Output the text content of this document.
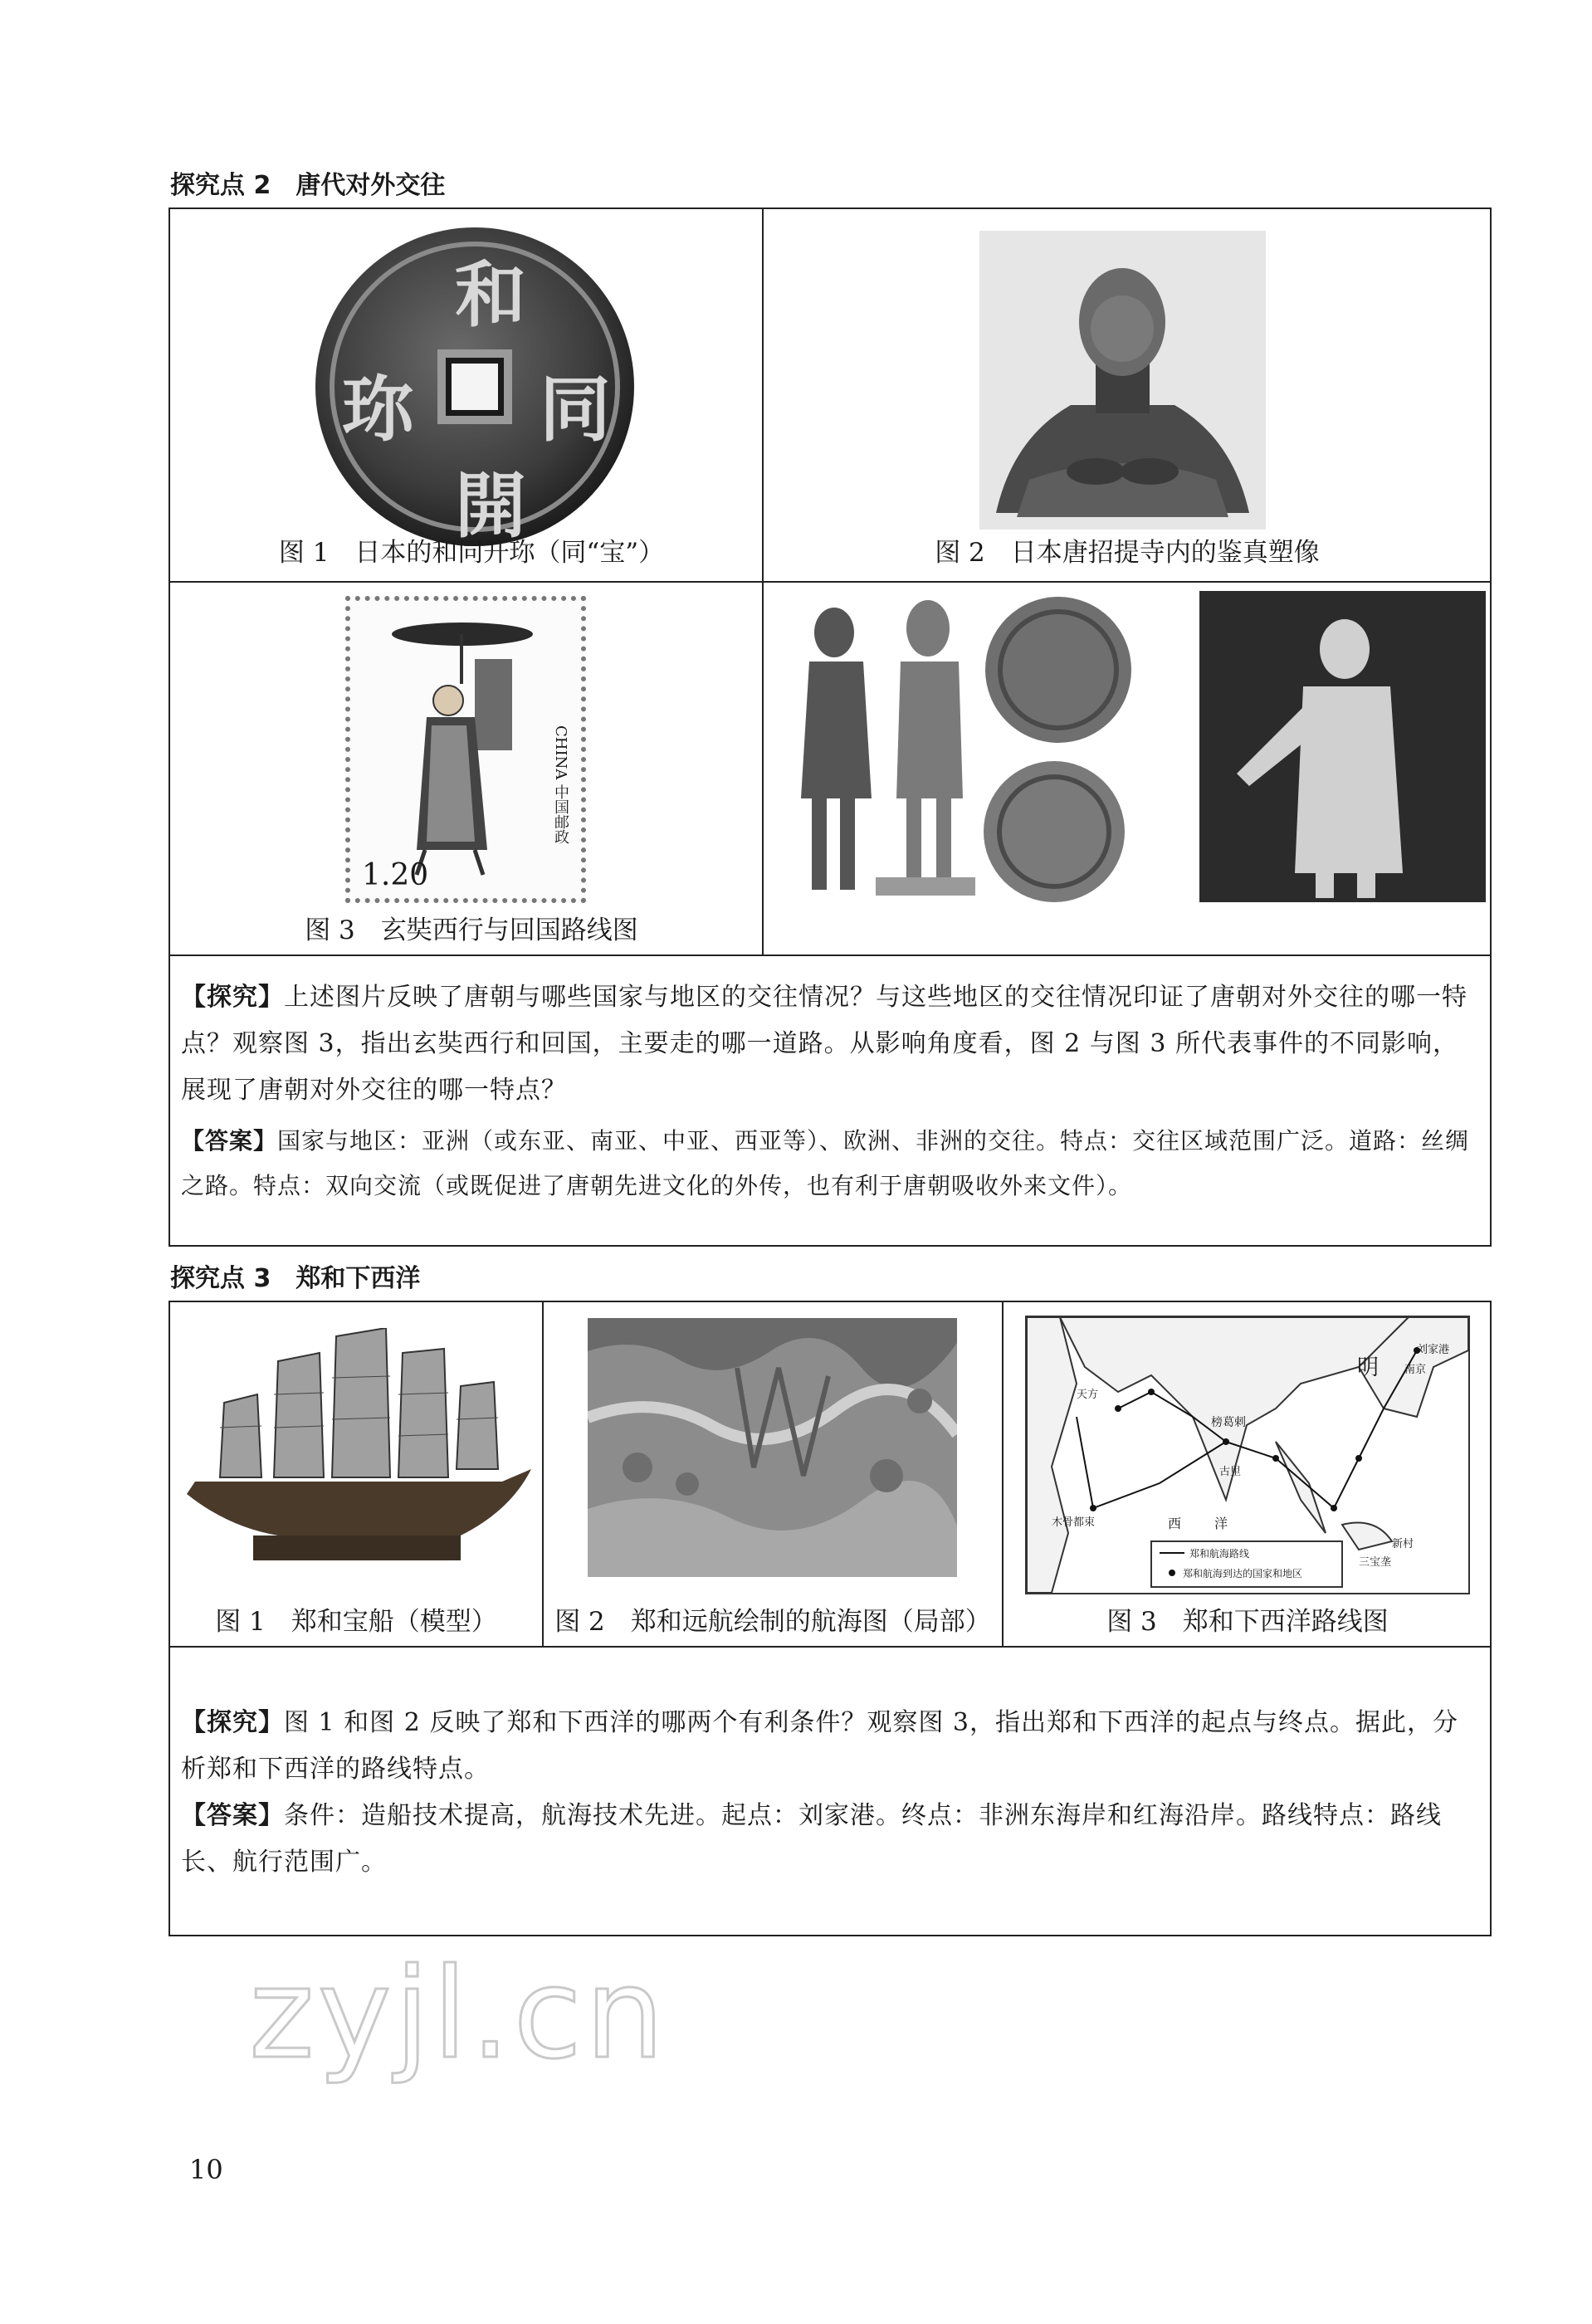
探究点 2　唐代对外交往
和
同
開
珎
图 1　日本的和同开珎（同“宝”）	图 2　日本唐招提寺内的鉴真塑像
1.20
CHINA 中国邮政
图 3　玄奘西行与回国路线图
【探究】上述图片反映了唐朝与哪些国家与地区的交往情况？与这些地区的交往情况印证了唐朝对外交往的哪一特点？观察图 3，指出玄奘西行和回国，主要走的哪一道路。从影响角度看，图 2 与图 3 所代表事件的不同影响，展现了唐朝对外交往的哪一特点？
【答案】国家与地区：亚洲（或东亚、南亚、中亚、西亚等）、欧洲、非洲的交往。特点：交往区域范围广泛。道路：丝绸之路。特点：双向交流（或既促进了唐朝先进文化的外传，也有利于唐朝吸收外来文件）。
探究点 3　郑和下西洋
图 1　郑和宝船（模型）	图 2　郑和远航绘制的航海图（局部）
明 南京
刘家港
天方
榜葛剌
古里
木骨都束	西 洋
三宝垄
新村
郑和航海路线
郑和航海到达的国家和地区
图 3　郑和下西洋路线图
【探究】图 1 和图 2 反映了郑和下西洋的哪两个有利条件？观察图 3，指出郑和下西洋的起点与终点。据此，分析郑和下西洋的路线特点。
【答案】条件：造船技术提高，航海技术先进。起点：刘家港。终点：非洲东海岸和红海沿岸。路线特点：路线长、航行范围广。
zyjl.cn
10
